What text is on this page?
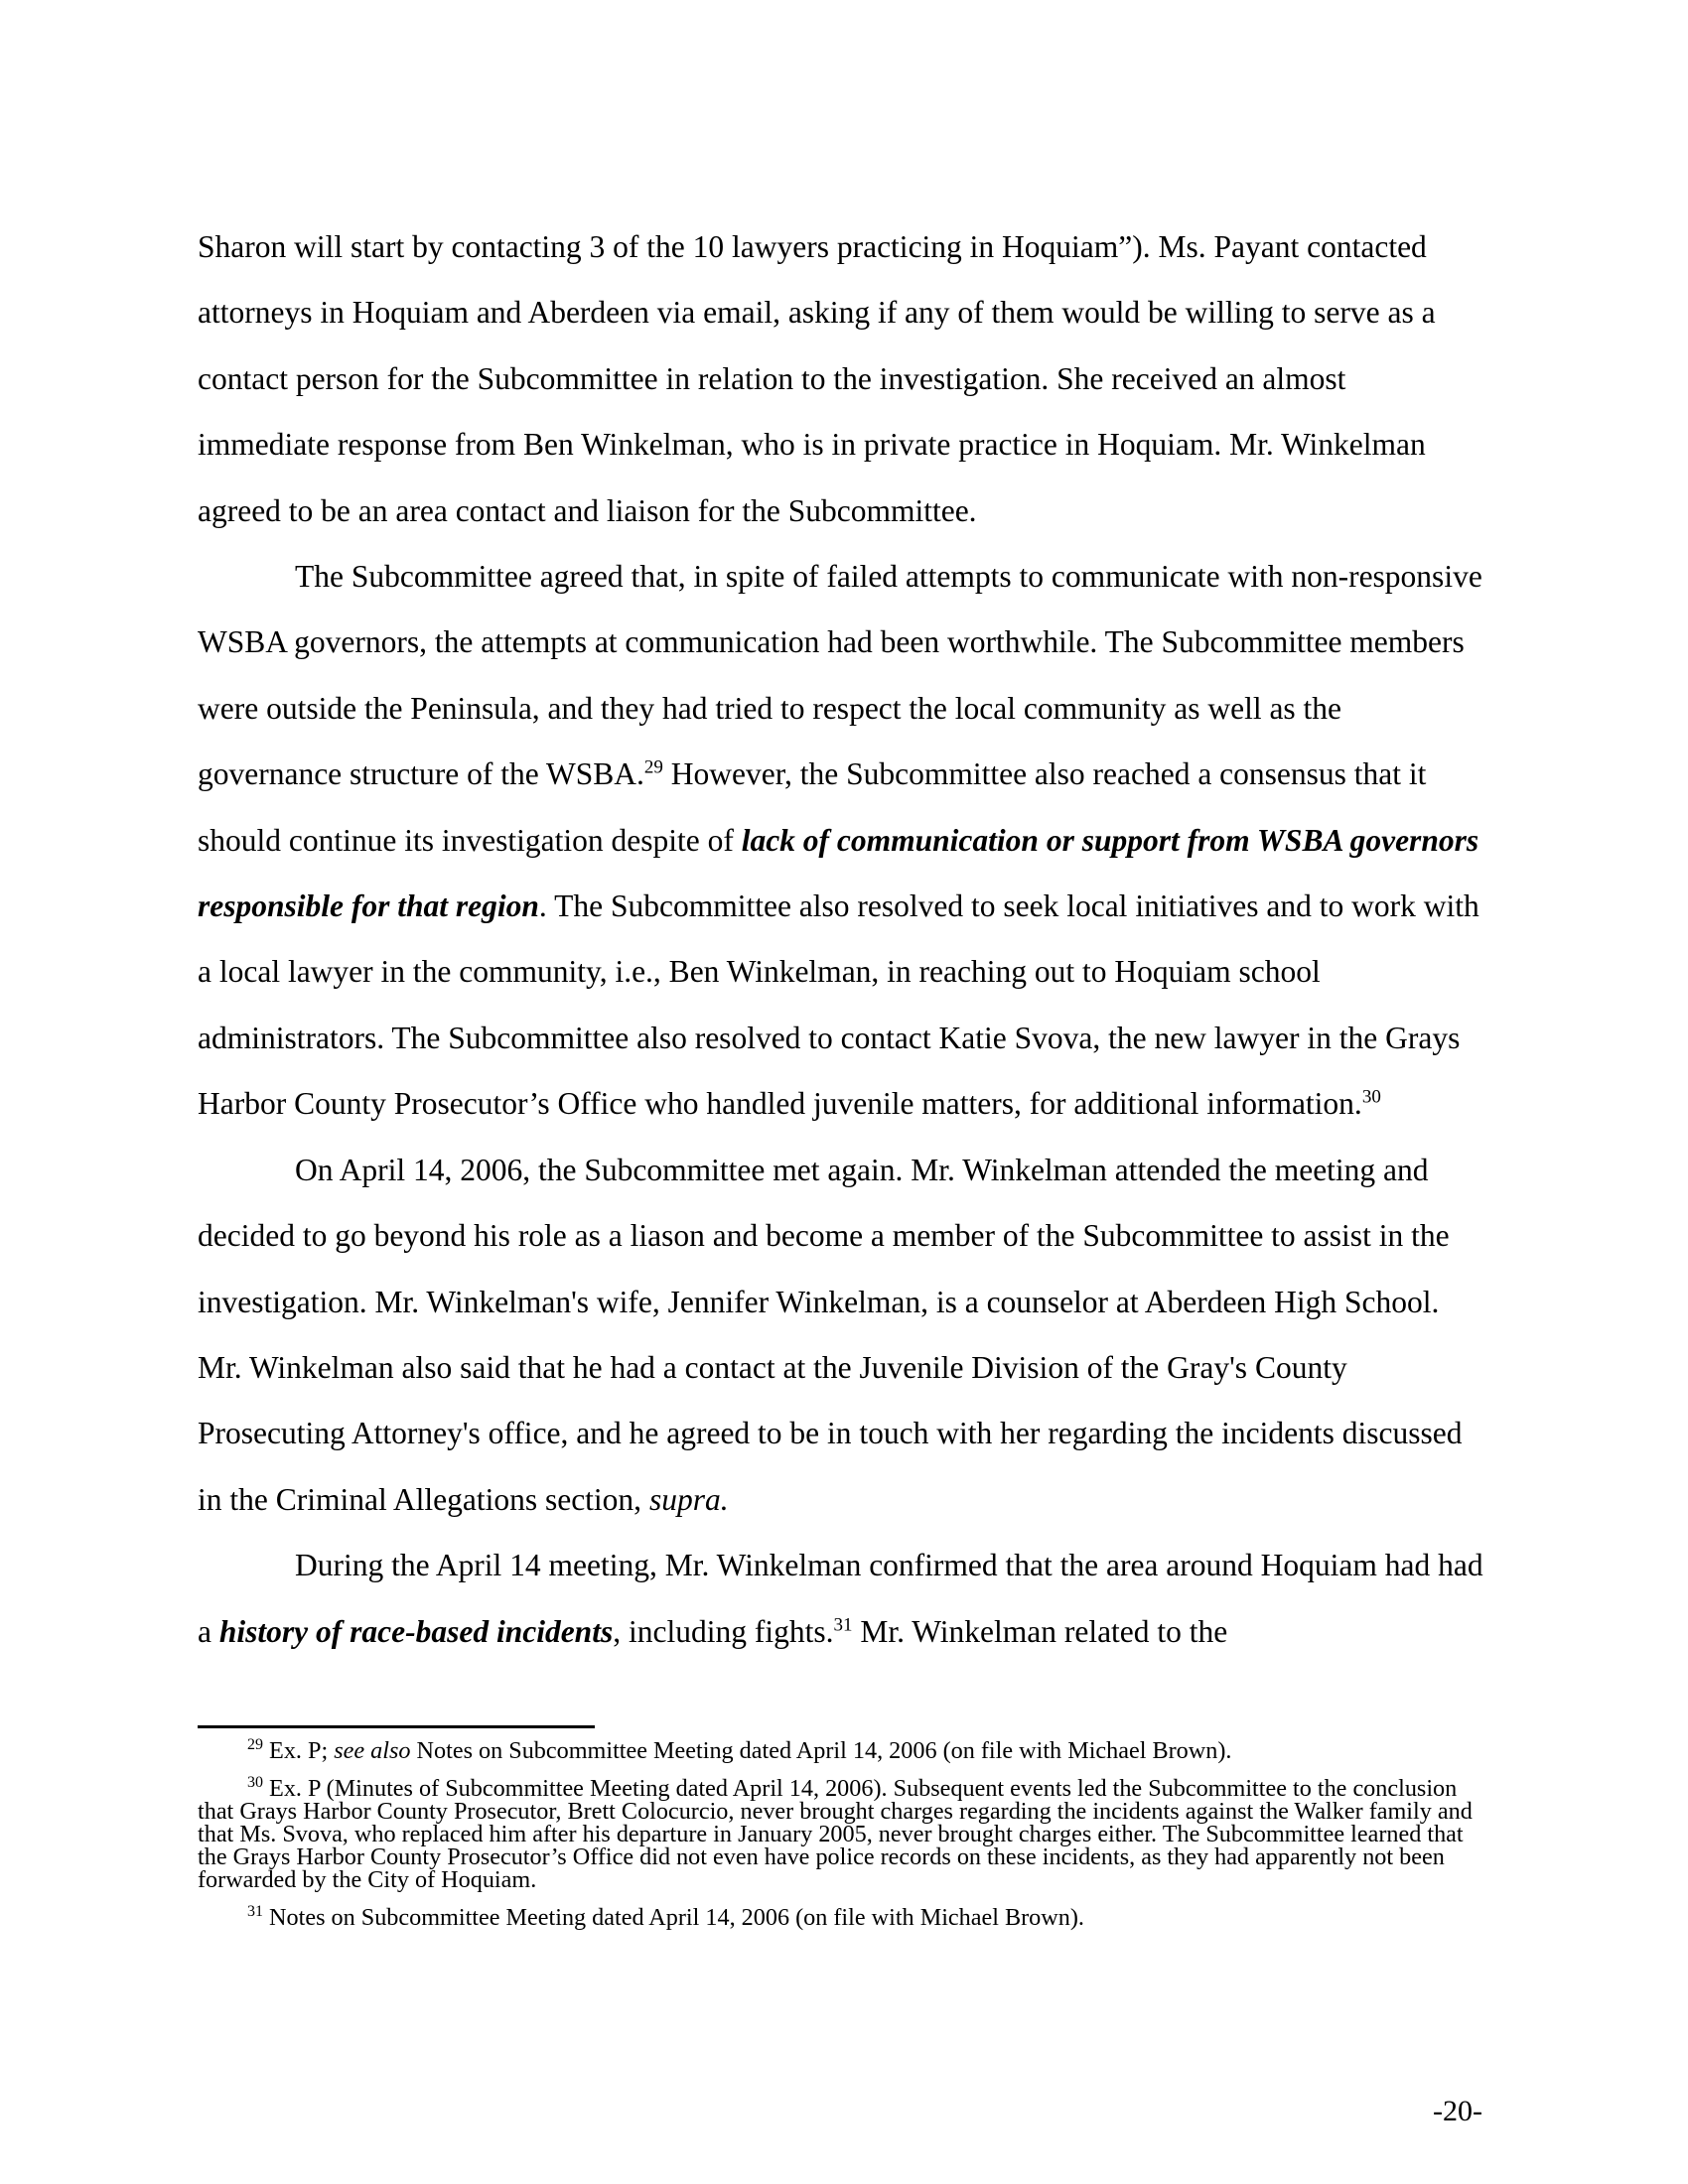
Sharon will start by contacting 3 of the 10 lawyers practicing in Hoquiam”). Ms. Payant contacted attorneys in Hoquiam and Aberdeen via email, asking if any of them would be willing to serve as a contact person for the Subcommittee in relation to the investigation. She received an almost immediate response from Ben Winkelman, who is in private practice in Hoquiam. Mr. Winkelman agreed to be an area contact and liaison for the Subcommittee.

The Subcommittee agreed that, in spite of failed attempts to communicate with non-responsive WSBA governors, the attempts at communication had been worthwhile. The Subcommittee members were outside the Peninsula, and they had tried to respect the local community as well as the governance structure of the WSBA.$^{29}$ However, the Subcommittee also reached a consensus that it should continue its investigation despite of lack of communication or support from WSBA governors responsible for that region. The Subcommittee also resolved to seek local initiatives and to work with a local lawyer in the community, i.e., Ben Winkelman, in reaching out to Hoquiam school administrators. The Subcommittee also resolved to contact Katie Svova, the new lawyer in the Grays Harbor County Prosecutor’s Office who handled juvenile matters, for additional information.$^{30}$

On April 14, 2006, the Subcommittee met again. Mr. Winkelman attended the meeting and decided to go beyond his role as a liason and become a member of the Subcommittee to assist in the investigation. Mr. Winkelman's wife, Jennifer Winkelman, is a counselor at Aberdeen High School. Mr. Winkelman also said that he had a contact at the Juvenile Division of the Gray's County Prosecuting Attorney's office, and he agreed to be in touch with her regarding the incidents discussed in the Criminal Allegations section, supra.

During the April 14 meeting, Mr. Winkelman confirmed that the area around Hoquiam had had a history of race-based incidents, including fights.$^{31}$ Mr. Winkelman related to the

$^{29}$ Ex. P; see also Notes on Subcommittee Meeting dated April 14, 2006 (on file with Michael Brown).

$^{30}$ Ex. P (Minutes of Subcommittee Meeting dated April 14, 2006). Subsequent events led the Subcommittee to the conclusion that Grays Harbor County Prosecutor, Brett Colocurcio, never brought charges regarding the incidents against the Walker family and that Ms. Svova, who replaced him after his departure in January 2005, never brought charges either. The Subcommittee learned that the Grays Harbor County Prosecutor’s Office did not even have police records on these incidents, as they had apparently not been forwarded by the City of Hoquiam.

$^{31}$ Notes on Subcommittee Meeting dated April 14, 2006 (on file with Michael Brown).

-20-
